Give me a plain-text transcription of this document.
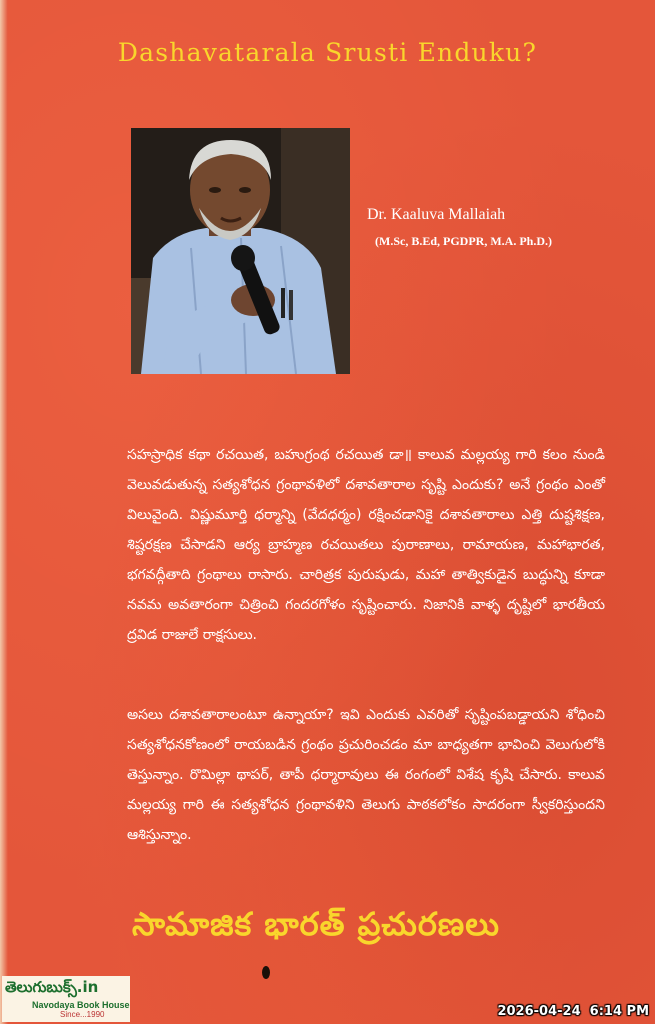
Dashavatarala Srusti Enduku?
Dr. Kaaluva Mallaiah
(M.Sc, B.Ed, PGDPR, M.A. Ph.D.)

సహస్రాధిక కథా రచయిత, బహుగ్రంథ రచయిత డా॥ కాలువ మల్లయ్య గారి కలం నుండి వెలువడుతున్న సత్యశోధన గ్రంథావళిలో దశావతారాల సృష్టి ఎందుకు? అనే గ్రంథం ఎంతో విలువైంది. విష్ణుమూర్తి ధర్మాన్ని (వేదధర్మం) రక్షించడానికై దశావతారాలు ఎత్తి దుష్టశిక్షణ, శిష్టరక్షణ చేసాడని ఆర్య బ్రాహ్మణ రచయితలు పురాణాలు, రామాయణ, మహాభారత, భగవద్గీతాది గ్రంథాలు రాసారు. చారిత్రక పురుషుడు, మహా తాత్వికుడైన బుద్ధున్ని కూడా నవమ అవతారంగా చిత్రించి గందరగోళం సృష్టించారు. నిజానికి వాళ్ళ దృష్టిలో భారతీయ ద్రవిడ రాజులే రాక్షసులు.

అసలు దశావతారాలంటూ ఉన్నాయా? ఇవి ఎందుకు ఎవరితో సృష్టింపబడ్డాయని శోధించి సత్యశోధనకోణంలో రాయబడిన గ్రంథం ప్రచురించడం మా బాధ్యతగా భావించి వెలుగులోకి తెస్తున్నాం. రొమిల్లా థాపర్, తాపీ ధర్మారావులు ఈ రంగంలో విశేష కృషి చేసారు. కాలువ మల్లయ్య గారి ఈ సత్యశోధన గ్రంథావళిని తెలుగు పాఠకలోకం సాదరంగా స్వీకరిస్తుందని ఆశిస్తున్నాం.

సామాజిక భారత్ ప్రచురణలు
తెలుగుబుక్స్.in
Navodaya Book House
Since...1990	2026-04-24  6:14 PM
